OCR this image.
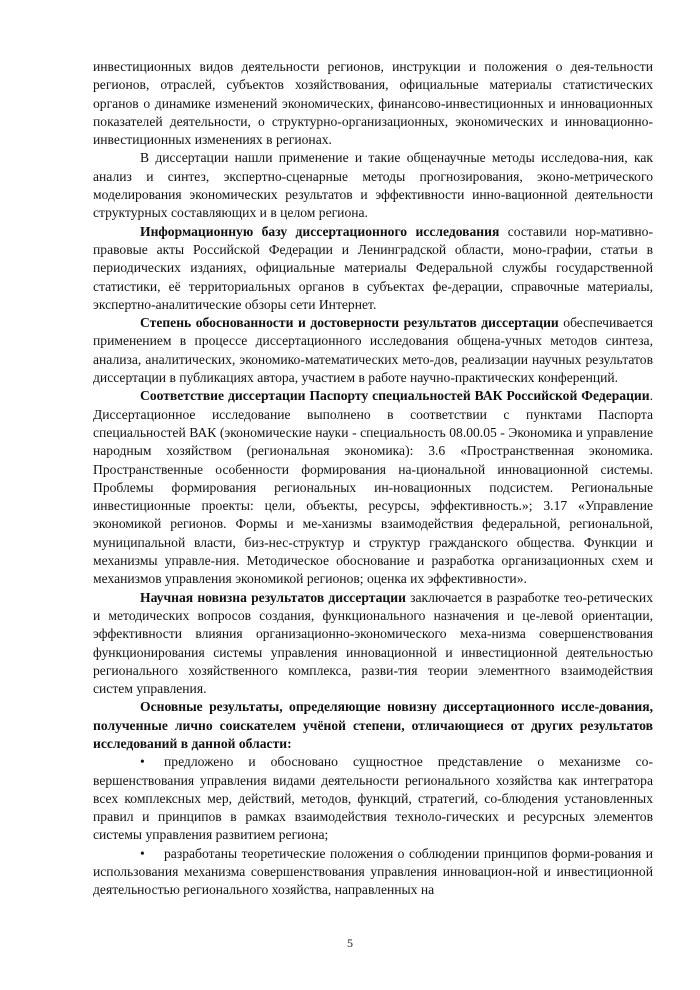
инвестиционных видов деятельности регионов, инструкции и положения о дея-тельности регионов, отраслей, субъектов хозяйствования, официальные материалы статистических органов о динамике изменений экономических, финансово-инвестиционных и инновационных показателей деятельности, о структурно-организационных, экономических и инновационно-инвестиционных изменениях в регионах.

В диссертации нашли применение и такие общенаучные методы исследова-ния, как анализ и синтез, экспертно-сценарные методы прогнозирования, эконо-метрического моделирования экономических результатов и эффективности инно-вационной деятельности структурных составляющих и в целом региона.

Информационную базу диссертационного исследования составили нор-мативно-правовые акты Российской Федерации и Ленинградской области, моно-графии, статьи в периодических изданиях, официальные материалы Федеральной службы государственной статистики, её территориальных органов в субъектах фе-дерации, справочные материалы, экспертно-аналитические обзоры сети Интернет.

Степень обоснованности и достоверности результатов диссертации обеспечивается применением в процессе диссертационного исследования общена-учных методов синтеза, анализа, аналитических, экономико-математических мето-дов, реализации научных результатов диссертации в публикациях автора, участием в работе научно-практических конференций.

Соответствие диссертации Паспорту специальностей ВАК Российской Федерации. Диссертационное исследование выполнено в соответствии с пунктами Паспорта специальностей ВАК (экономические науки - специальность 08.00.05 - Экономика и управление народным хозяйством (региональная экономика): 3.6 «Пространственная экономика. Пространственные особенности формирования на-циональной инновационной системы. Проблемы формирования региональных ин-новационных подсистем. Региональные инвестиционные проекты: цели, объекты, ресурсы, эффективность.»; 3.17 «Управление экономикой регионов. Формы и ме-ханизмы взаимодействия федеральной, региональной, муниципальной власти, биз-нес-структур и структур гражданского общества. Функции и механизмы управле-ния. Методическое обоснование и разработка организационных схем и механизмов управления экономикой регионов; оценка их эффективности».

Научная новизна результатов диссертации заключается в разработке тео-ретических и методических вопросов создания, функционального назначения и це-левой ориентации, эффективности влияния организационно-экономического меха-низма совершенствования функционирования системы управления инновационной и инвестиционной деятельностью регионального хозяйственного комплекса, разви-тия теории элементного взаимодействия систем управления.

Основные результаты, определяющие новизну диссертационного иссле-дования, полученные лично соискателем учёной степени, отличающиеся от других результатов исследований в данной области:

• предложено и обосновано сущностное представление о механизме со-вершенствования управления видами деятельности регионального хозяйства как интегратора всех комплексных мер, действий, методов, функций, стратегий, со-блюдения установленных правил и принципов в рамках взаимодействия техноло-гических и ресурсных элементов системы управления развитием региона;
• разработаны теоретические положения о соблюдении принципов форми-рования и использования механизма совершенствования управления инновацион-ной и инвестиционной деятельностью регионального хозяйства, направленных на
5
